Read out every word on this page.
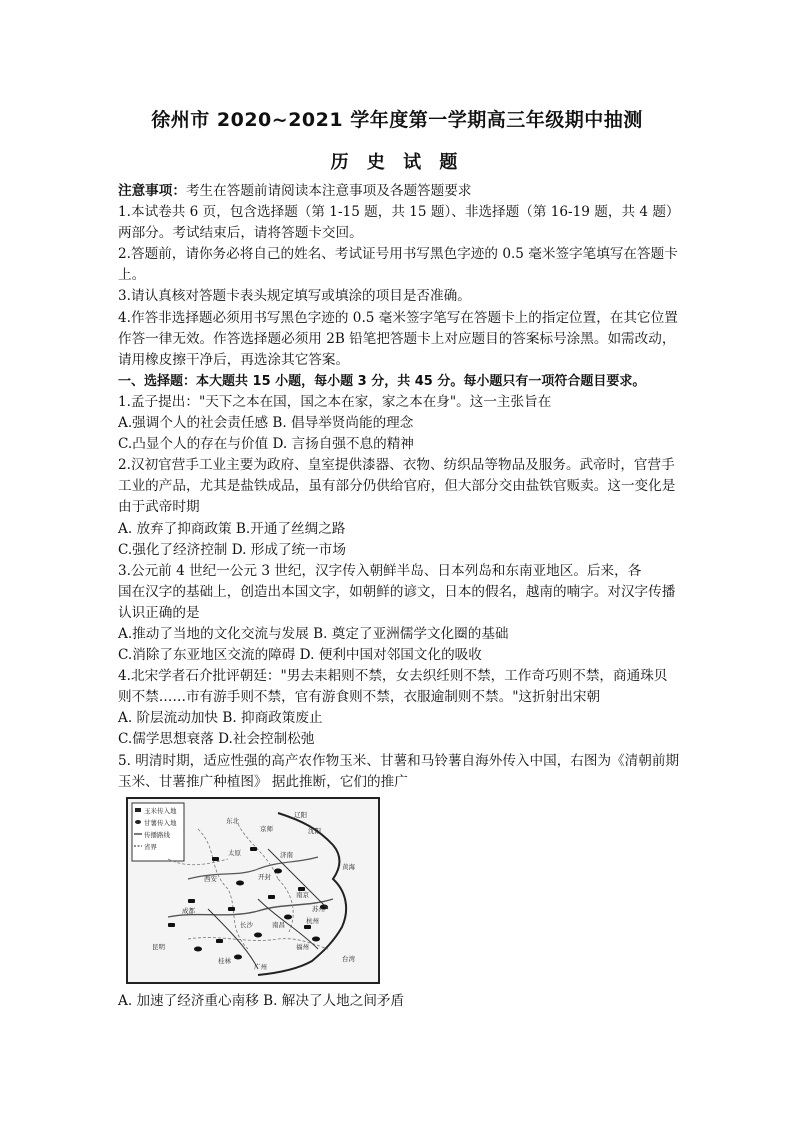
徐州市 2020~2021 学年度第一学期高三年级期中抽测
历 史 试 题

注意事项：考生在答题前请阅读本注意事项及各题答题要求

1.本试卷共 6 页，包含选择题（第 1-15 题，共 15 题）、非选择题（第 16-19 题，共 4 题）两部分。考试结束后，请将答题卡交回。

2.答题前，请你务必将自己的姓名、考试证号用书写黑色字迹的 0.5 毫米签字笔填写在答题卡上。

3.请认真核对答题卡表头规定填写或填涂的项目是否准确。

4.作答非选择题必须用书写黑色字迹的 0.5 毫米签字笔写在答题卡上的指定位置，在其它位置作答一律无效。作答选择题必须用 2B 铅笔把答题卡上对应题目的答案标号涂黑。如需改动，请用橡皮擦干净后，再选涂其它答案。

一、选择题：本大题共 15 小题，每小题 3 分，共 45 分。每小题只有一项符合题目要求。

1.孟子提出："天下之本在国，国之本在家，家之本在身"。这一主张旨在

A.强调个人的社会责任感 B. 倡导举贤尚能的理念

C.凸显个人的存在与价值 D. 言扬自强不息的精神

2.汉初官营手工业主要为政府、皇室提供漆器、衣物、纺织品等物品及服务。武帝时，官营手工业的产品，尤其是盐铁成品，虽有部分仍供给官府，但大部分交由盐铁官贩卖。这一变化是由于武帝时期

A. 放弃了抑商政策 B.开通了丝绸之路

C.强化了经济控制 D. 形成了统一市场

3.公元前 4 世纪一公元 3 世纪，汉字传入朝鲜半岛、日本列岛和东南亚地区。后来，各

国在汉字的基础上，创造出本国文字，如朝鲜的谚文，日本的假名，越南的喃字。对汉字传播认识正确的是

A.推动了当地的文化交流与发展 B. 奠定了亚洲儒学文化圈的基础

C.消除了东亚地区交流的障碍 D. 便利中国对邻国文化的吸收

4.北宋学者石介批评朝廷："男去耒耜则不禁，女去织纴则不禁，工作奇巧则不禁，商通珠贝则不禁……市有游手则不禁，官有游食则不禁，衣服逾制则不禁。"这折射出宋朝

A. 阶层流动加快 B. 抑商政策废止

C.儒学思想衰落 D.社会控制松弛

5. 明清时期，适应性强的高产农作物玉米、甘薯和马铃薯自海外传入中国，右图为《清朝前期玉米、甘薯推广种植图》 据此推断，它们的推广

玉米传入地
甘薯传入地
传播路线
省界
辽阳
京师	沈阳
东北
太原	济南
开封
西安
南京
苏州
杭州
成都
长沙	南昌
福州
昆明
桂林
广州
黄海
台湾

A. 加速了经济重心南移 B. 解决了人地之间矛盾
